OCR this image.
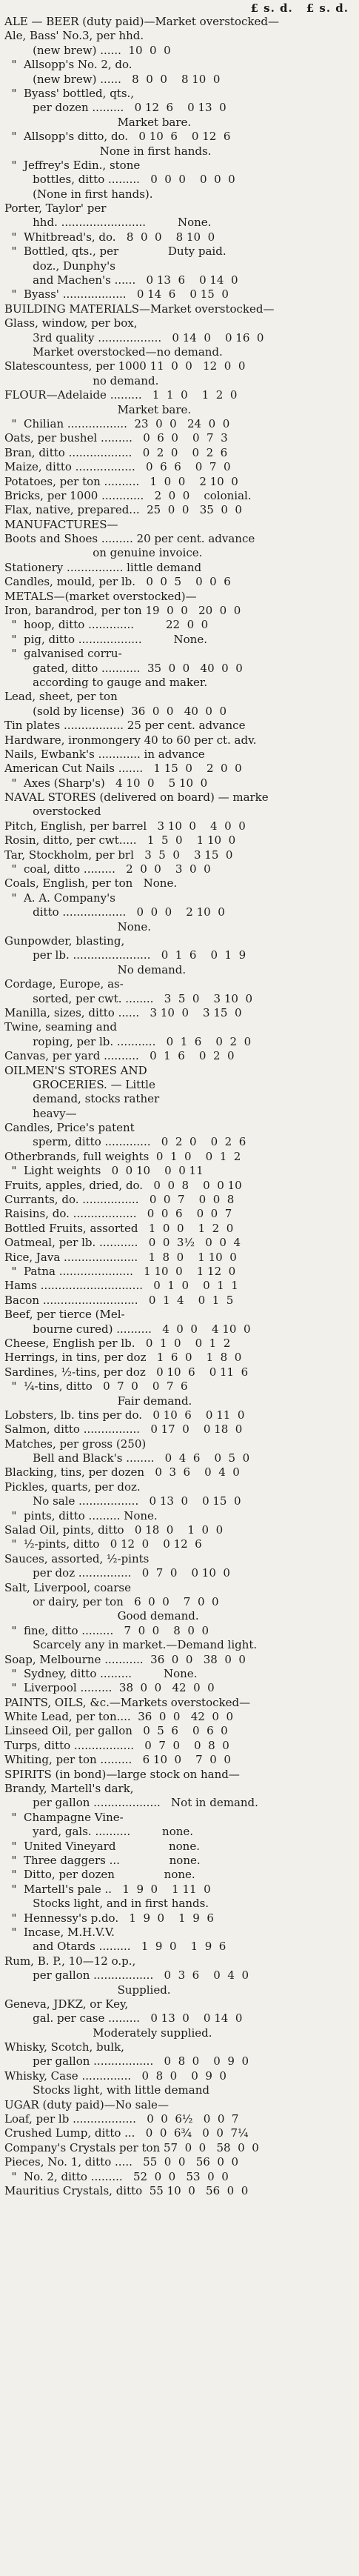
£ s. d. £ s. d.
ALE — BEER (duty paid)—Market overstocked—
Ale, Bass' No.3, per hhd.
(new brew) ......  10  0  0
"  Allsopp's No. 2, do.
(new brew) ......   8  0  0    8 10  0
"  Byass' bottled, qts.,
per dozen .........   0 12  6    0 13  0
Market bare.
"  Allsopp's ditto, do.   0 10  6    0 12  6
None in first hands.
"  Jeffrey's Edin., stone
bottles, ditto .........   0  0  0    0  0  0
(None in first hands).
Porter, Taylor' per
hhd. ........................         None.
"  Whitbread's, do.   8  0  0    8 10  0
"  Bottled, qts., per              Duty paid.
doz., Dunphy's
and Machen's ......   0 13  6    0 14  0
"  Byass' ..................   0 14  6    0 15  0
BUILDING MATERIALS—Market overstocked—
Glass, window, per box,
3rd quality ..................   0 14  0    0 16  0
Market overstocked—no demand.
Slatescountess, per 1000 11  0  0   12  0  0
no demand.
FLOUR—Adelaide .........   1  1  0    1  2  0
Market bare.
"  Chilian .................  23  0  0   24  0  0
Oats, per bushel .........   0  6  0    0  7  3
Bran, ditto ..................   0  2  0    0  2  6
Maize, ditto .................   0  6  6    0  7  0
Potatoes, per ton ..........   1  0  0    2 10  0
Bricks, per 1000 ............   2  0  0    colonial.
Flax, native, prepared...  25  0  0   35  0  0
MANUFACTURES—
Boots and Shoes ......... 20 per cent. advance
on genuine invoice.
Stationery ................ little demand
Candles, mould, per lb.   0  0  5    0  0  6
METALS—(market overstocked)—
Iron, barandrod, per ton 19  0  0   20  0  0
"  hoop, ditto .............         22  0  0
"  pig, ditto ..................         None.
"  galvanised corru-
gated, ditto ...........  35  0  0   40  0  0
according to gauge and maker.
Lead, sheet, per ton
(sold by license)  36  0  0   40  0  0
Tin plates ................. 25 per cent. advance
Hardware, ironmongery 40 to 60 per ct. adv.
Nails, Ewbank's ............ in advance
American Cut Nails .......   1 15  0    2  0  0
"  Axes (Sharp's)   4 10  0    5 10  0
NAVAL STORES (delivered on board) — marke
overstocked
Pitch, English, per barrel   3 10  0    4  0  0
Rosin, ditto, per cwt.....   1  5  0    1 10  0
Tar, Stockholm, per brl   3  5  0    3 15  0
"  coal, ditto .........   2  0  0    3  0  0
Coals, English, per ton   None.
"  A. A. Company's
ditto ..................   0  0  0    2 10  0
None.
Gunpowder, blasting,
per lb. ......................   0  1  6    0  1  9
No demand.
Cordage, Europe, as-
sorted, per cwt. ........   3  5  0    3 10  0
Manilla, sizes, ditto ......   3 10  0    3 15  0
Twine, seaming and
roping, per lb. ...........   0  1  6    0  2  0
Canvas, per yard ..........   0  1  6    0  2  0
OILMEN'S STORES AND
GROCERIES. — Little
demand, stocks rather
heavy—
Candles, Price's patent
sperm, ditto .............   0  2  0    0  2  6
Otherbrands, full weights  0  1  0    0  1  2
"  Light weights   0  0 10    0  0 11
Fruits, apples, dried, do.   0  0  8    0  0 10
Currants, do. ................   0  0  7    0  0  8
Raisins, do. ..................   0  0  6    0  0  7
Bottled Fruits, assorted   1  0  0    1  2  0
Oatmeal, per lb. ...........   0  0  3½   0  0  4
Rice, Java .....................   1  8  0    1 10  0
"  Patna .....................   1 10  0    1 12  0
Hams .............................   0  1  0    0  1  1
Bacon ...........................   0  1  4    0  1  5
Beef, per tierce (Mel-
bourne cured) ..........   4  0  0    4 10  0
Cheese, English per lb.   0  1  0    0  1  2
Herrings, in tins, per doz   1  6  0    1  8  0
Sardines, ½-tins, per doz   0 10  6    0 11  6
"  ¼-tins, ditto   0  7  0    0  7  6
Fair demand.
Lobsters, lb. tins per do.   0 10  6    0 11  0
Salmon, ditto ................   0 17  0    0 18  0
Matches, per gross (250)
Bell and Black's ........   0  4  6    0  5  0
Blacking, tins, per dozen   0  3  6    0  4  0
Pickles, quarts, per doz.
No sale .................   0 13  0    0 15  0
"  pints, ditto ......... None.
Salad Oil, pints, ditto   0 18  0    1  0  0
"  ½-pints, ditto   0 12  0    0 12  6
Sauces, assorted, ½-pints
per doz ...............   0  7  0    0 10  0
Salt, Liverpool, coarse
or dairy, per ton   6  0  0    7  0  0
Good demand.
"  fine, ditto .........   7  0  0    8  0  0
Scarcely any in market.—Demand light.
Soap, Melbourne ...........  36  0  0   38  0  0
"  Sydney, ditto .........         None.
"  Liverpool .........  38  0  0   42  0  0
PAINTS, OILS, &c.—Markets overstocked—
White Lead, per ton....  36  0  0   42  0  0
Linseed Oil, per gallon   0  5  6    0  6  0
Turps, ditto .................   0  7  0    0  8  0
Whiting, per ton .........   6 10  0    7  0  0
SPIRITS (in bond)—large stock on hand—
Brandy, Martell's dark,
per gallon ...................   Not in demand.
"  Champagne Vine-
yard, gals. ..........         none.
"  United Vineyard               none.
"  Three daggers ...              none.
"  Ditto, per dozen              none.
"  Martell's pale ..   1  9  0    1 11  0
Stocks light, and in first hands.
"  Hennessy's p.do.   1  9  0    1  9  6
"  Incase, M.H.V.V.
and Otards .........   1  9  0    1  9  6
Rum, B. P., 10—12 o.p.,
per gallon .................   0  3  6    0  4  0
Supplied.
Geneva, JDKZ, or Key,
gal. per case .........   0 13  0    0 14  0
Moderately supplied.
Whisky, Scotch, bulk,
per gallon .................   0  8  0    0  9  0
Whisky, Case ..............   0  8  0    0  9  0
Stocks light, with little demand
UGAR (duty paid)—No sale—
Loaf, per lb ..................   0  0  6½   0  0  7
Crushed Lump, ditto ...   0  0  6¾   0  0  7¼
Company's Crystals per ton 57  0  0   58  0  0
Pieces, No. 1, ditto .....   55  0  0   56  0  0
"  No. 2, ditto .........   52  0  0   53  0  0
Mauritius Crystals, ditto  55 10  0   56  0  0
